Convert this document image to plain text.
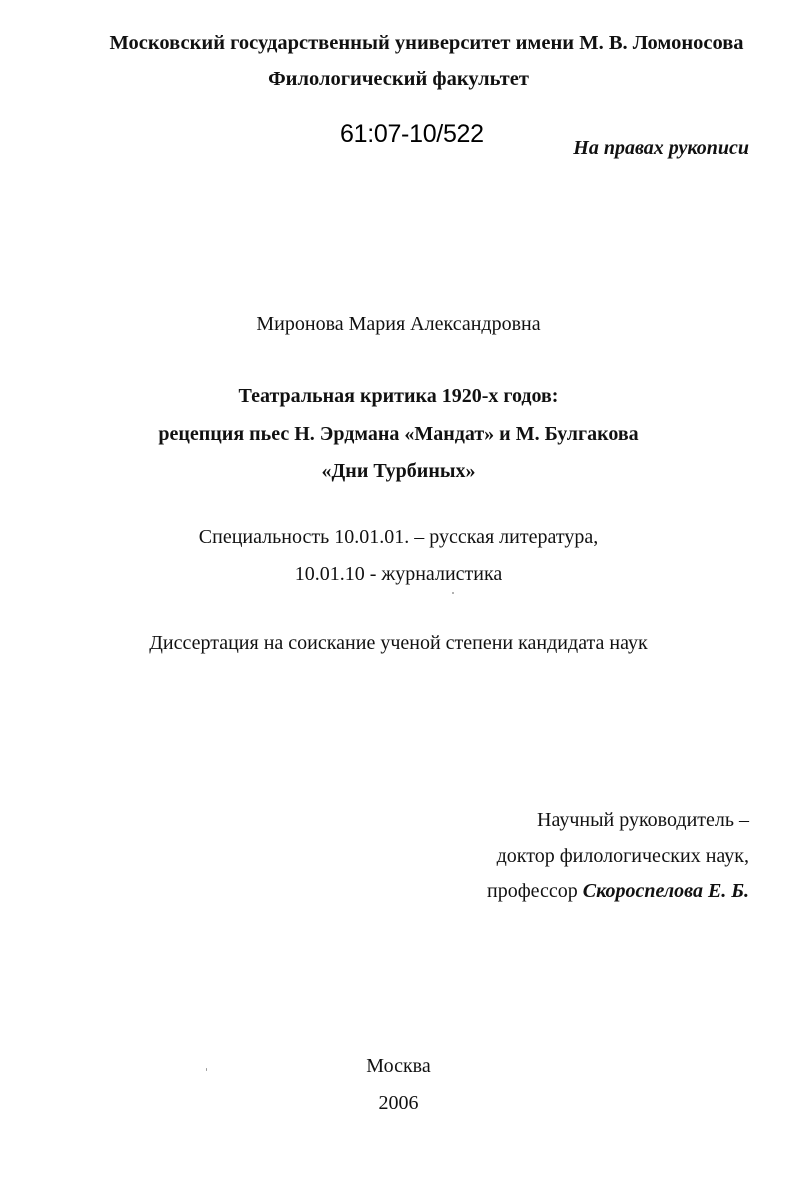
Московский государственный университет имени М. В. Ломоносова
Филологический факультет
61:07-10/522	На правах рукописи
Миронова Мария Александровна
Театральная критика 1920-х годов:
рецепция пьес Н. Эрдмана «Мандат» и М. Булгакова
«Дни Турбиных»
Специальность 10.01.01. – русская литература,
10.01.10 - журналистика
Диссертация на соискание ученой степени кандидата наук
Научный руководитель –
доктор филологических наук,
профессор Скороспелова Е. Б.
Москва
2006
